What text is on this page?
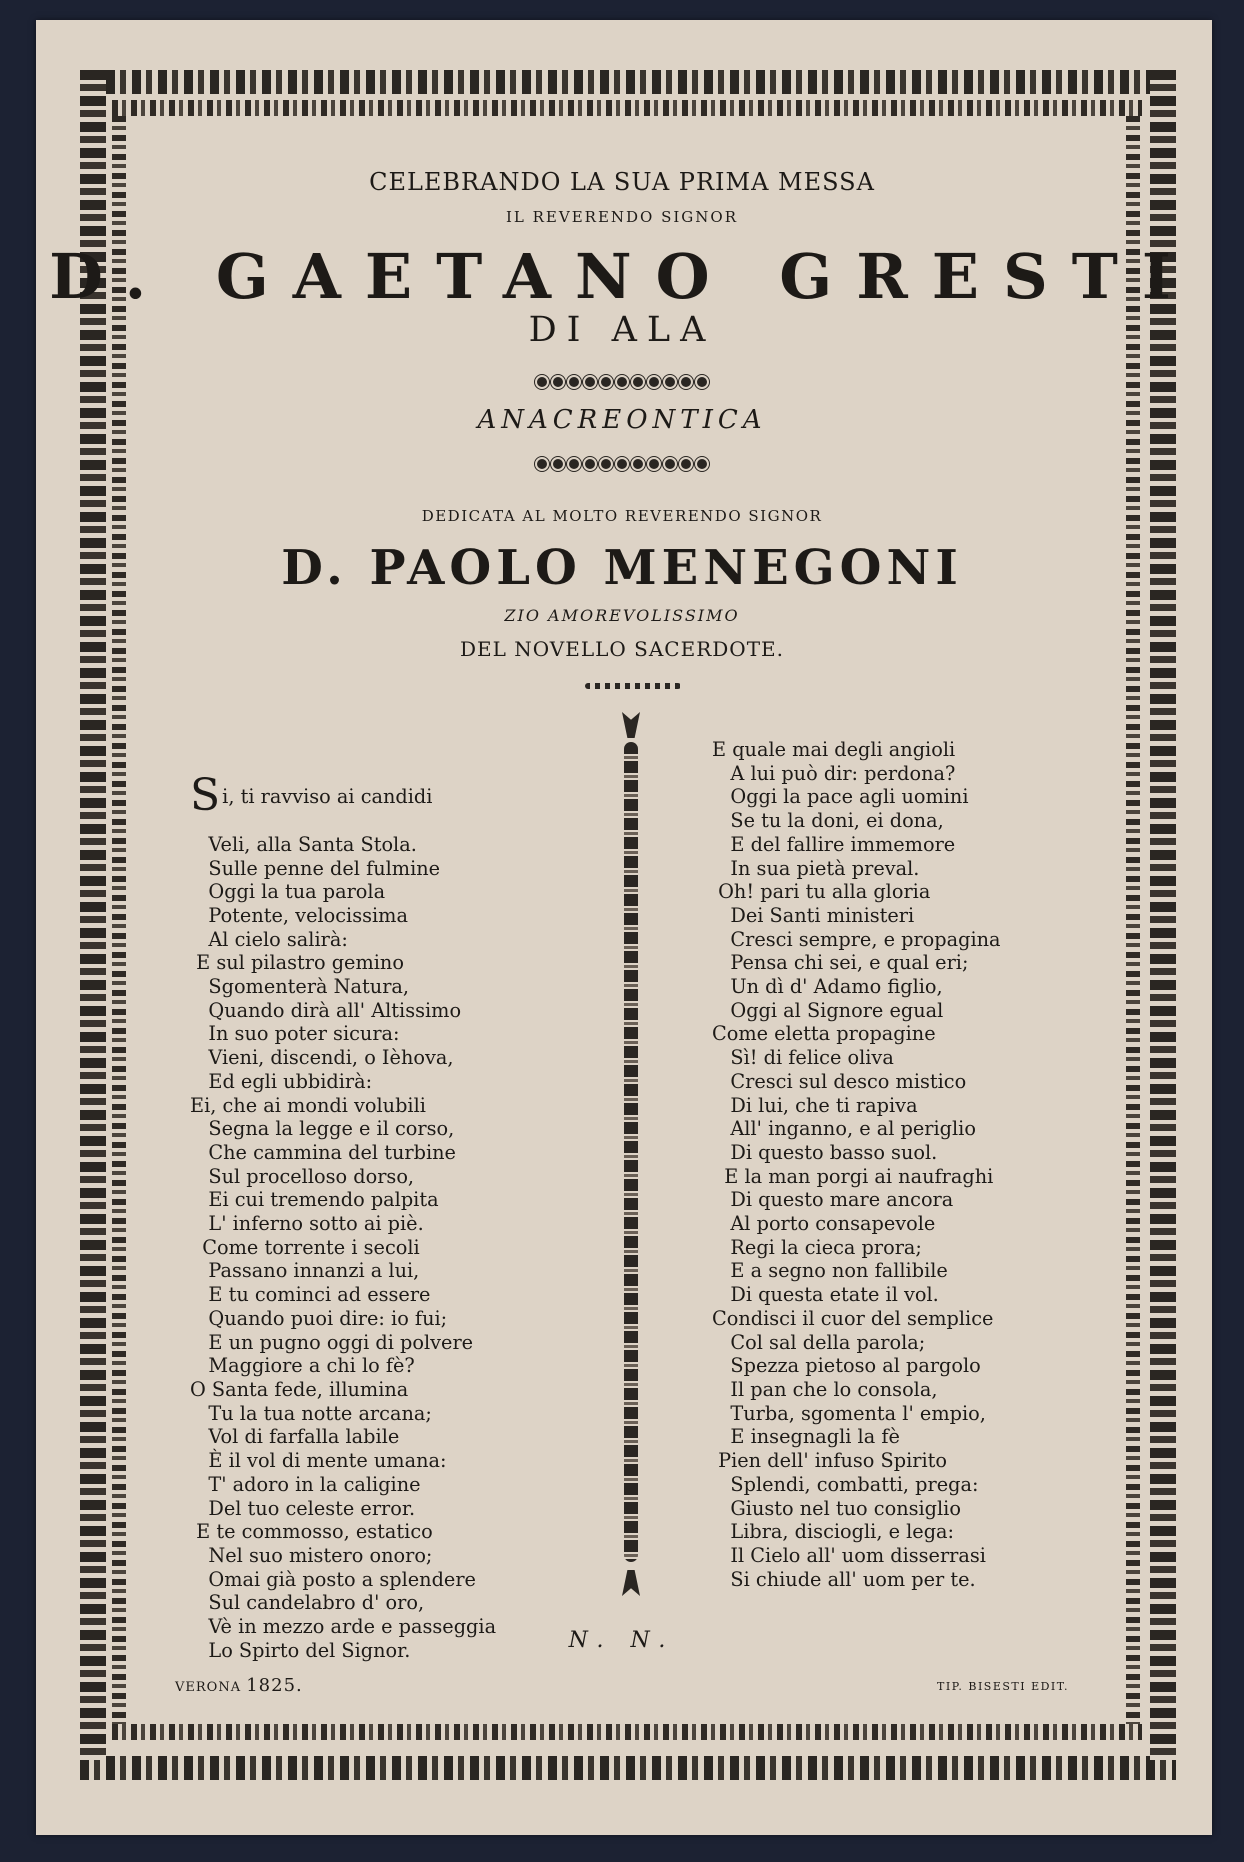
CELEBRANDO LA SUA PRIMA MESSA
IL REVERENDO SIGNOR
D. GAETANO GRESTI
DI ALA
ANACREONTICA
DEDICATA AL MOLTO REVERENDO SIGNOR
D. PAOLO MENEGONI
ZIO AMOREVOLISSIMO
DEL NOVELLO SACERDOTE.

Si, ti ravviso ai candidi

Veli, alla Santa Stola.
Sulle penne del fulmine
Oggi la tua parola
Potente, velocissima
Al cielo salirà:
E sul pilastro gemino
Sgomenterà Natura,
Quando dirà all' Altissimo
In suo poter sicura:
Vieni, discendi, o Ièhova,
Ed egli ubbidirà:
Ei, che ai mondi volubili
Segna la legge e il corso,
Che cammina del turbine
Sul procelloso dorso,
Ei cui tremendo palpita
L' inferno sotto ai piè.
Come torrente i secoli
Passano innanzi a lui,
E tu cominci ad essere
Quando puoi dire: io fui;
E un pugno oggi di polvere
Maggiore a chi lo fè?
O Santa fede, illumina
Tu la tua notte arcana;
Vol di farfalla labile
È il vol di mente umana:
T' adoro in la caligine
Del tuo celeste error.
E te commosso, estatico
Nel suo mistero onoro;
Omai già posto a splendere
Sul candelabro d' oro,
Vè in mezzo arde e passeggia
Lo Spirto del Signor.
E quale mai degli angioli
A lui può dir: perdona?
Oggi la pace agli uomini
Se tu la doni, ei dona,
E del fallire immemore
In sua pietà preval.
Oh! pari tu alla gloria
Dei Santi ministeri
Cresci sempre, e propagina
Pensa chi sei, e qual eri;
Un dì d' Adamo figlio,
Oggi al Signore egual
Come eletta propagine
Sì! di felice oliva
Cresci sul desco mistico
Di lui, che ti rapiva
All' inganno, e al periglio
Di questo basso suol.
E la man porgi ai naufraghi
Di questo mare ancora
Al porto consapevole
Regi la cieca prora;
E a segno non fallibile
Di questa etate il vol.
Condisci il cuor del semplice
Col sal della parola;
Spezza pietoso al pargolo
Il pan che lo consola,
Turba, sgomenta l' empio,
E insegnagli la fè
Pien dell' infuso Spirito
Splendi, combatti, prega:
Giusto nel tuo consiglio
Libra, disciogli, e lega:
Il Cielo all' uom disserrasi
Si chiude all' uom per te.
N. N.
VERONA 1825.	TIP. BISESTI EDIT.
